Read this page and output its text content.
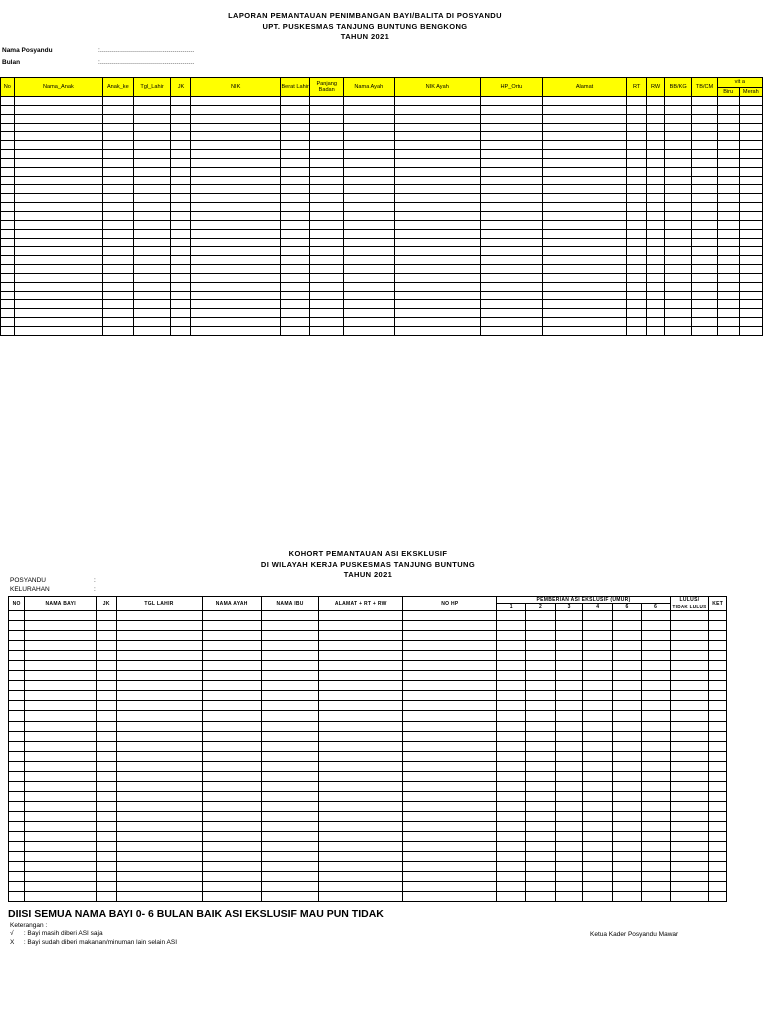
LAPORAN PEMANTAUAN PENIMBANGAN BAYI/BALITA DI POSYANDU
UPT. PUSKESMAS TANJUNG BUNTUNG BENGKONG
TAHUN 2021
Nama Posyandu	:...............................................
Bulan	:...............................................
No	Nama_Anak	Anak_ke	Tgl_Lahir	JK	NIK	Berat Lahir	Panjang Badan	Nama Ayah	NIK Ayah	HP_Ortu	Alamat	RT	RW	BB/KG	TB/CM	vit a	
																Biru	Merah

KOHORT PEMANTAUAN ASI EKSKLUSIF
DI WILAYAH KERJA PUSKESMAS TANJUNG BUNTUNG
TAHUN 2021
POSYANDU	:
KELURAHAN	:
NO	NAMA BAYI	JK	TGL LAHIR	NAMA AYAH	NAMA IBU	ALAMAT + RT + RW	NO HP	PEMBERIAN ASI EKSLUSIF (UMUR)						LULUS/	KET
								1	2	3	4	6	6	TIDAK LULUS	

DIISI SEMUA NAMA BAYI 0- 6 BULAN BAIK ASI EKSLUSIF MAU PUN TIDAK
Keterangan :
√ : Bayi masih diberi ASI saja
X : Bayi sudah diberi makanan/minuman lain selain ASI
Ketua Kader Posyandu Mawar
